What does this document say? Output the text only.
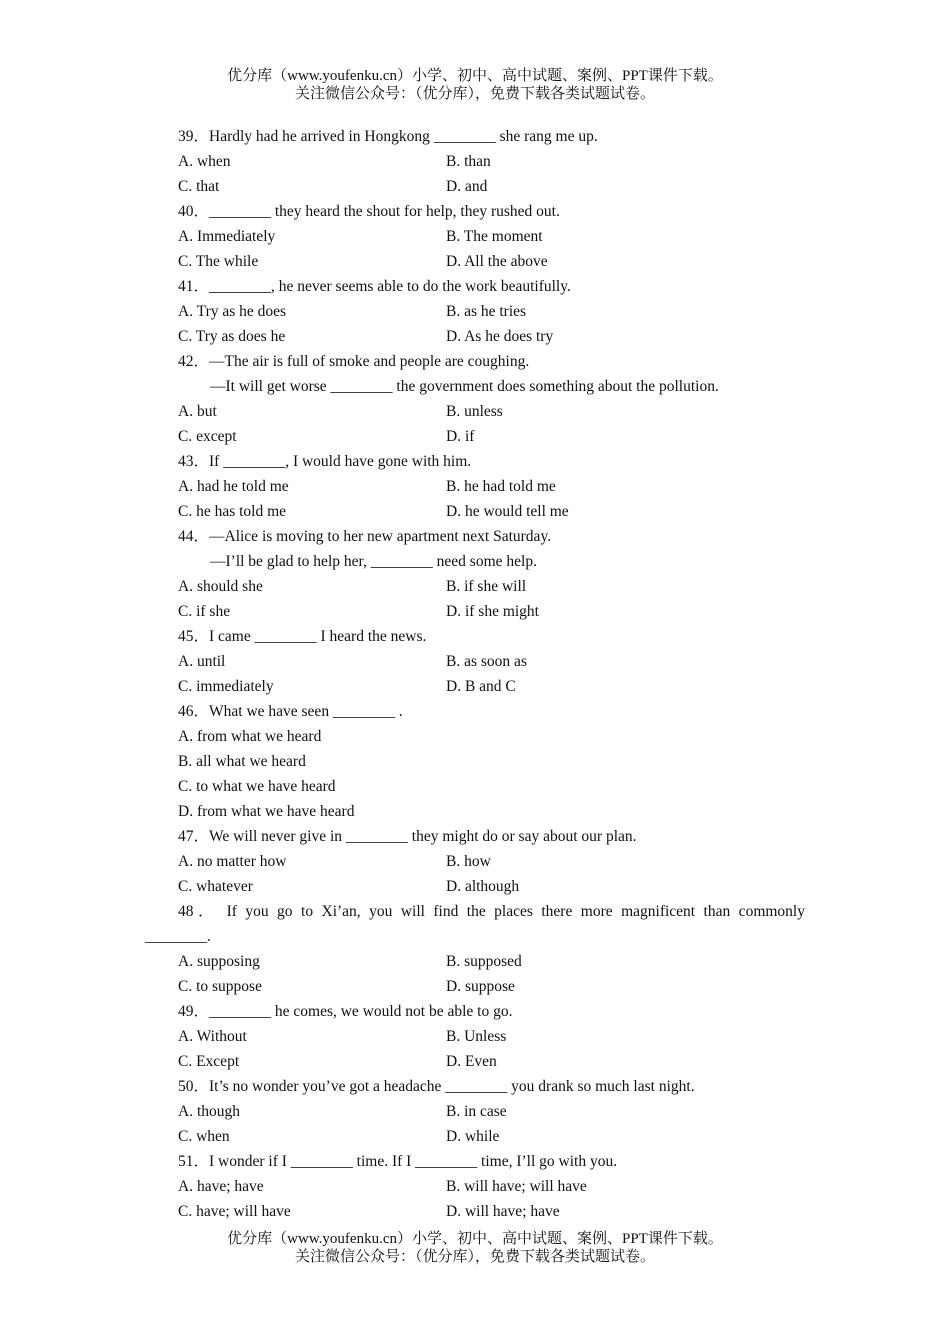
优分库（www.youfenku.cn）小学、初中、高中试题、案例、PPT课件下载。
关注微信公众号：（优分库），免费下载各类试题试卷。
39．Hardly had he arrived in Hongkong ________ she rang me up.
A. when	B. than
C. that	D. and
40．________ they heard the shout for help, they rushed out.
A. Immediately	B. The moment
C. The while	D. All the above
41．________, he never seems able to do the work beautifully.
A. Try as he does	B. as he tries
C. Try as does he	D. As he does try
42．—The air is full of smoke and people are coughing.
—It will get worse ________ the government does something about the pollution.
A. but	B. unless
C. except	D. if
43．If ________, I would have gone with him.
A. had he told me	B. he had told me
C. he has told me	D. he would tell me
44．—Alice is moving to her new apartment next Saturday.
—I’ll be glad to help her, ________ need some help.
A. should she	B. if she will
C. if she	D. if she might
45．I came ________ I heard the news.
A. until	B. as soon as
C. immediately	D. B and C
46．What we have seen ________ .
A. from what we heard
B. all what we heard
C. to what we have heard
D. from what we have heard
47．We will never give in ________ they might do or say about our plan.
A. no matter how	B. how
C. whatever	D. although
48． If you go to Xi’an, you will find the places there more magnificent than commonly
________.
A. supposing	B. supposed
C. to suppose	D. suppose
49．________ he comes, we would not be able to go.
A. Without	B. Unless
C. Except	D. Even
50．It’s no wonder you’ve got a headache ________ you drank so much last night.
A. though	B. in case
C. when	D. while
51．I wonder if I ________ time. If I ________ time, I’ll go with you.
A. have; have	B. will have; will have
C. have; will have	D. will have; have
优分库（www.youfenku.cn）小学、初中、高中试题、案例、PPT课件下载。
关注微信公众号：（优分库），免费下载各类试题试卷。
